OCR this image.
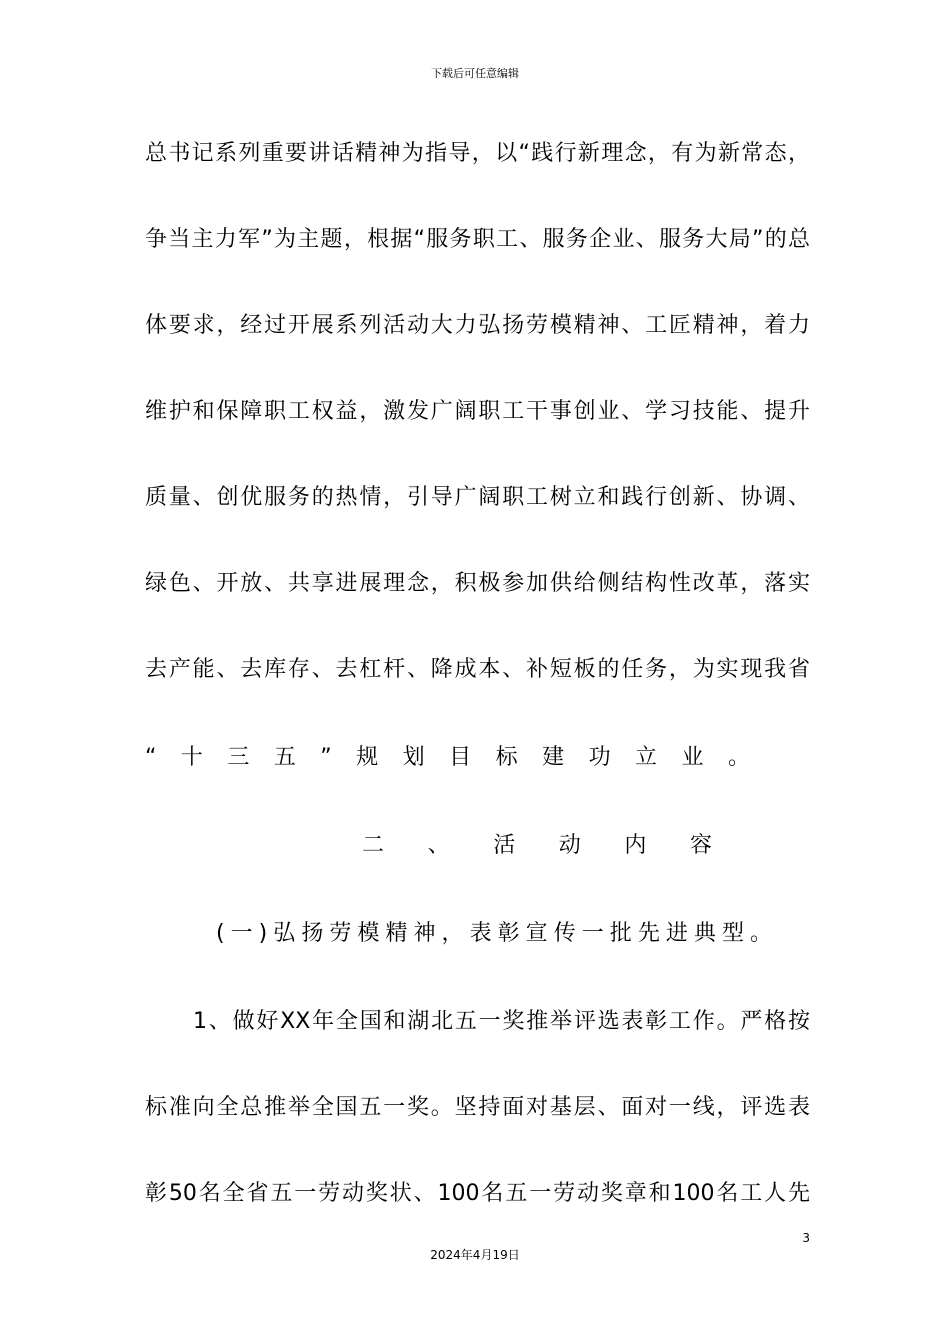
下载后可任意编辑
总书记系列重要讲话精神为指导，以“践行新理念，有为新常态，
争当主力军”为主题，根据“服务职工、服务企业、服务大局”的总
体要求，经过开展系列活动大力弘扬劳模精神、工匠精神，着力
维护和保障职工权益，激发广阔职工干事创业、学习技能、提升
质量、创优服务的热情，引导广阔职工树立和践行创新、协调、
绿色、开放、共享进展理念，积极参加供给侧结构性改革，落实
去产能、去库存、去杠杆、降成本、补短板的任务，为实现我省
“十三五”规划目标建功立业。
二、活动内容
(一)弘扬劳模精神，表彰宣传一批先进典型。
1、做好XX年全国和湖北五一奖推举评选表彰工作。严格按
标准向全总推举全国五一奖。坚持面对基层、面对一线，评选表
彰50名全省五一劳动奖状、100名五一劳动奖章和100名工人先
3
2024年4月19日
